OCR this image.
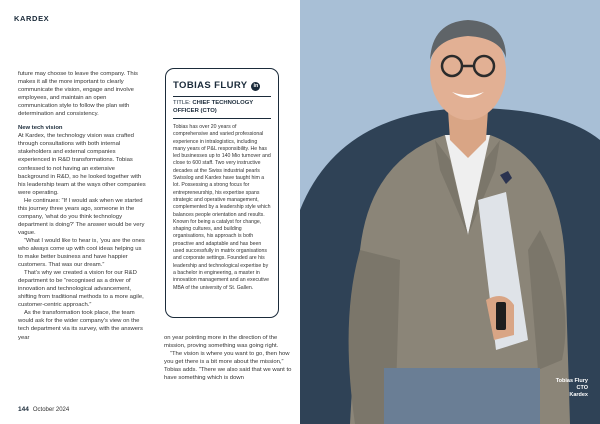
KARDEX

future may choose to leave the company. This makes it all the more important to clearly communicate the vision, engage and involve employees, and maintain an open communication style to follow the plan with determination and consistency.

New tech vision

At Kardex, the technology vision was crafted through consultations with both internal stakeholders and external companies experienced in R&D transformations. Tobias confessed to not having an extensive background in R&D, so he looked together with his leadership team at the ways other companies were operating.

He continues: “If I would ask when we started this journey three years ago, someone in the company, ‘what do you think technology department is doing?’ The answer would be very vague.

“What I would like to hear is, ‘you are the ones who always come up with cool ideas helping us to make better business and have happier customers. That was our dream.”

That’s why we created a vision for our R&D department to be “recognised as a driver of innovation and technological advancement, shifting from traditional methods to a more agile, customer-centric approach.”

As the transformation took place, the team would ask for the wider company’s view on the tech department via its survey, with the answers year

TOBIAS FLURY in
TITLE: CHIEF TECHNOLOGY OFFICER (CTO)
Tobias has over 20 years of comprehensive and varied professional experience in intralogistics, including many years of P&L responsibility. He has led businesses up to 140 Mio turnover and close to 600 staff. Two very instructive decades at the Swiss industrial pearls Swisslog and Kardex have taught him a lot. Possessing a strong focus for entrepreneurship, his expertise spans strategic and operative management, complemented by a leadership style which balances people orientation and results. Known for being a catalyst for change, shaping cultures, and building organisations, his approach is both proactive and adaptable and has been used successfully in matrix organisations and corporate settings. Founded are his leadership and technological expertise by a bachelor in engineering, a master in innovation management and an executive MBA of the university of St. Gallen.

on year pointing more in the direction of the mission, proving something was going right.

“The vision is where you want to go, then how you get there is a bit more about the mission,” Tobias adds. “There we also said that we want to have something which is down

144 October 2024
Tobias Flury
CTO
Kardex
